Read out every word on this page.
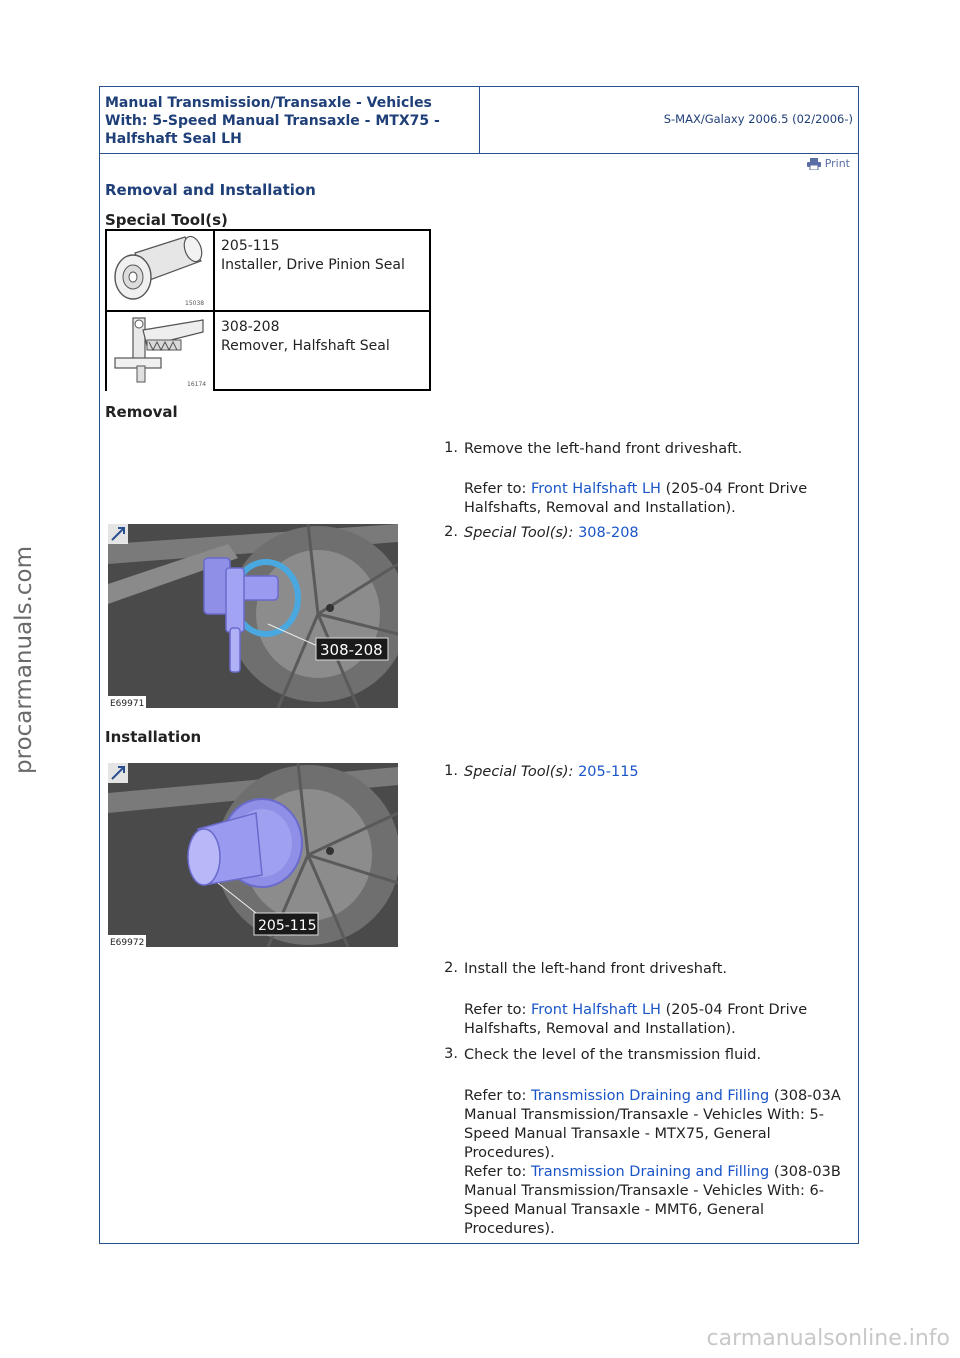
Manual Transmission/Transaxle - Vehicles With: 5-Speed Manual Transaxle - MTX75 - Halfshaft Seal LH
S-MAX/Galaxy 2006.5 (02/2006-)
Print
Removal and Installation
Special Tool(s)
15038
205-115
Installer, Drive Pinion Seal
16174
308-208
Remover, Halfshaft Seal
Removal
1. Remove the left-hand front driveshaft.
Refer to: Front Halfshaft LH (205-04 Front Drive Halfshafts, Removal and Installation).
308-208
E69971
2. Special Tool(s): 308-208
Installation
205-115
E69972
1. Special Tool(s): 205-115
2. Install the left-hand front driveshaft.
Refer to: Front Halfshaft LH (205-04 Front Drive Halfshafts, Removal and Installation).
3. Check the level of the transmission fluid.
Refer to: Transmission Draining and Filling (308-03A Manual Transmission/Transaxle - Vehicles With: 5-Speed Manual Transaxle - MTX75, General Procedures).
Refer to: Transmission Draining and Filling (308-03B Manual Transmission/Transaxle - Vehicles With: 6-Speed Manual Transaxle - MMT6, General Procedures).
procarmanuals.com
carmanualsonline.info
